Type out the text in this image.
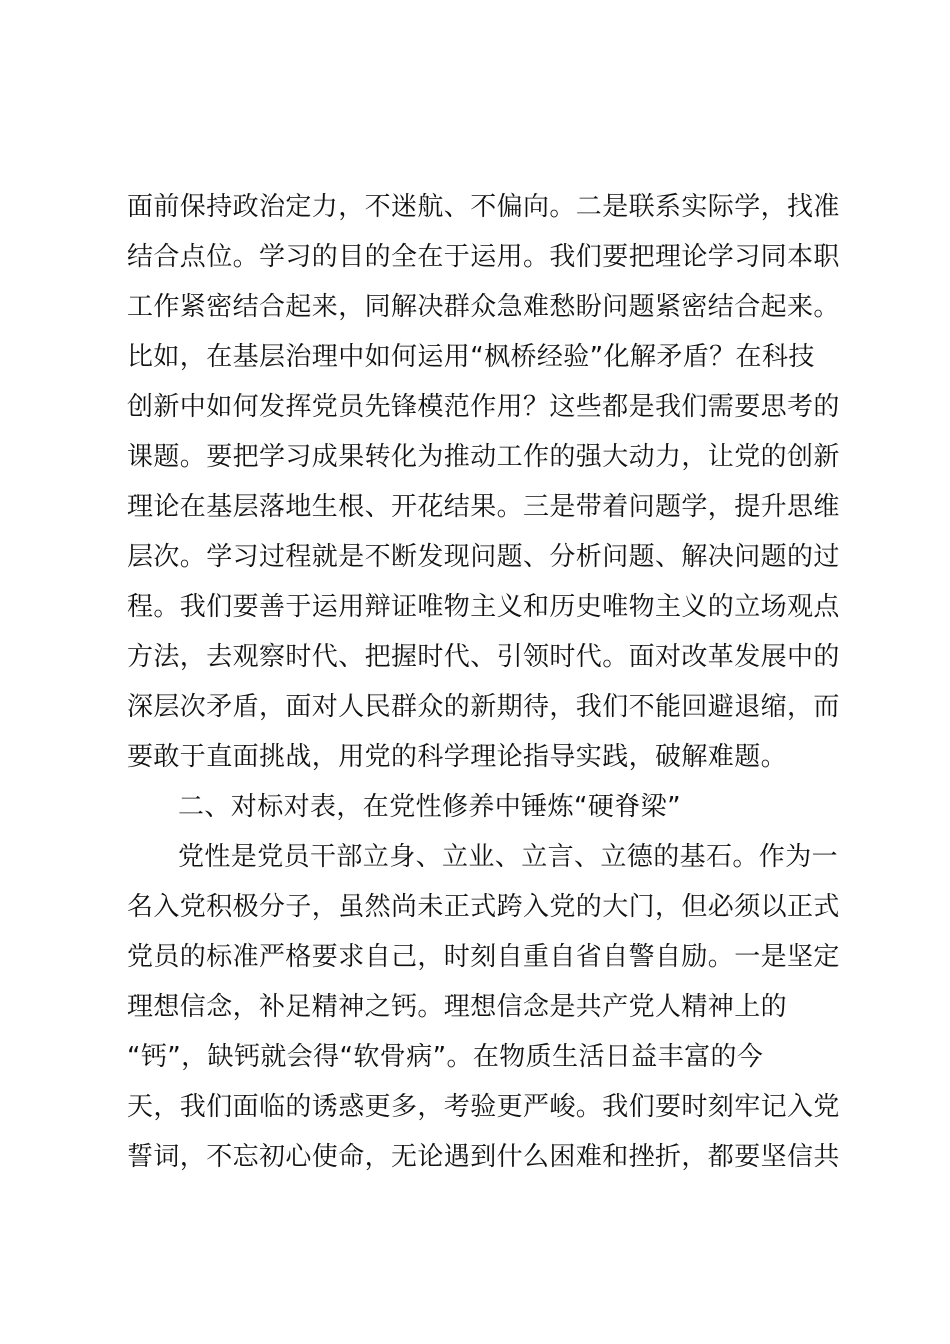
面前保持政治定力，不迷航、不偏向。二是联系实际学，找准
结合点位。学习的目的全在于运用。我们要把理论学习同本职
工作紧密结合起来，同解决群众急难愁盼问题紧密结合起来。
比如，在基层治理中如何运用“枫桥经验”化解矛盾？在科技
创新中如何发挥党员先锋模范作用？这些都是我们需要思考的
课题。要把学习成果转化为推动工作的强大动力，让党的创新
理论在基层落地生根、开花结果。三是带着问题学，提升思维
层次。学习过程就是不断发现问题、分析问题、解决问题的过
程。我们要善于运用辩证唯物主义和历史唯物主义的立场观点
方法，去观察时代、把握时代、引领时代。面对改革发展中的
深层次矛盾，面对人民群众的新期待，我们不能回避退缩，而
要敢于直面挑战，用党的科学理论指导实践，破解难题。
二、对标对表，在党性修养中锤炼“硬脊梁”
党性是党员干部立身、立业、立言、立德的基石。作为一
名入党积极分子，虽然尚未正式跨入党的大门，但必须以正式
党员的标准严格要求自己，时刻自重自省自警自励。一是坚定
理想信念，补足精神之钙。理想信念是共产党人精神上的
“钙”，缺钙就会得“软骨病”。在物质生活日益丰富的今
天，我们面临的诱惑更多，考验更严峻。我们要时刻牢记入党
誓词，不忘初心使命，无论遇到什么困难和挫折，都要坚信共
